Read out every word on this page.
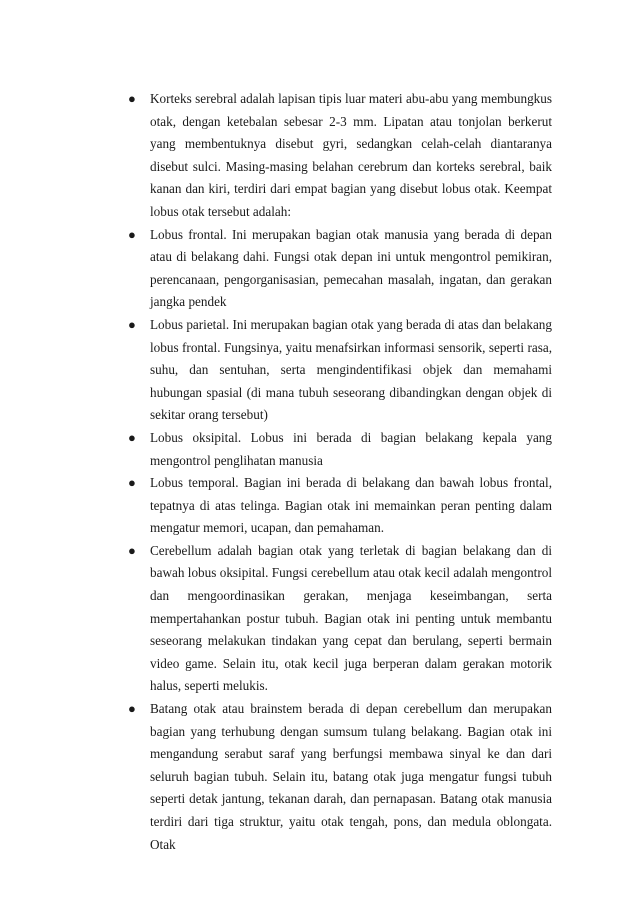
● Korteks serebral adalah lapisan tipis luar materi abu-abu yang membungkus otak, dengan ketebalan sebesar 2-3 mm. Lipatan atau tonjolan berkerut yang membentuknya disebut gyri, sedangkan celah-celah diantaranya disebut sulci. Masing-masing belahan cerebrum dan korteks serebral, baik kanan dan kiri, terdiri dari empat bagian yang disebut lobus otak. Keempat lobus otak tersebut adalah:
● Lobus frontal. Ini merupakan bagian otak manusia yang berada di depan atau di belakang dahi. Fungsi otak depan ini untuk mengontrol pemikiran, perencanaan, pengorganisasian, pemecahan masalah, ingatan, dan gerakan jangka pendek
● Lobus parietal. Ini merupakan bagian otak yang berada di atas dan belakang lobus frontal. Fungsinya, yaitu menafsirkan informasi sensorik, seperti rasa, suhu, dan sentuhan, serta mengindentifikasi objek dan memahami hubungan spasial (di mana tubuh seseorang dibandingkan dengan objek di sekitar orang tersebut)
● Lobus oksipital. Lobus ini berada di bagian belakang kepala yang mengontrol penglihatan manusia
● Lobus temporal. Bagian ini berada di belakang dan bawah lobus frontal, tepatnya di atas telinga. Bagian otak ini memainkan peran penting dalam mengatur memori, ucapan, dan pemahaman.
● Cerebellum adalah bagian otak yang terletak di bagian belakang dan di bawah lobus oksipital. Fungsi cerebellum atau otak kecil adalah mengontrol dan mengoordinasikan gerakan, menjaga keseimbangan, serta mempertahankan postur tubuh. Bagian otak ini penting untuk membantu seseorang melakukan tindakan yang cepat dan berulang, seperti bermain video game. Selain itu, otak kecil juga berperan dalam gerakan motorik halus, seperti melukis.
● Batang otak atau brainstem berada di depan cerebellum dan merupakan bagian yang terhubung dengan sumsum tulang belakang. Bagian otak ini mengandung serabut saraf yang berfungsi membawa sinyal ke dan dari seluruh bagian tubuh. Selain itu, batang otak juga mengatur fungsi tubuh seperti detak jantung, tekanan darah, dan pernapasan. Batang otak manusia terdiri dari tiga struktur, yaitu otak tengah, pons, dan medula oblongata. Otak
